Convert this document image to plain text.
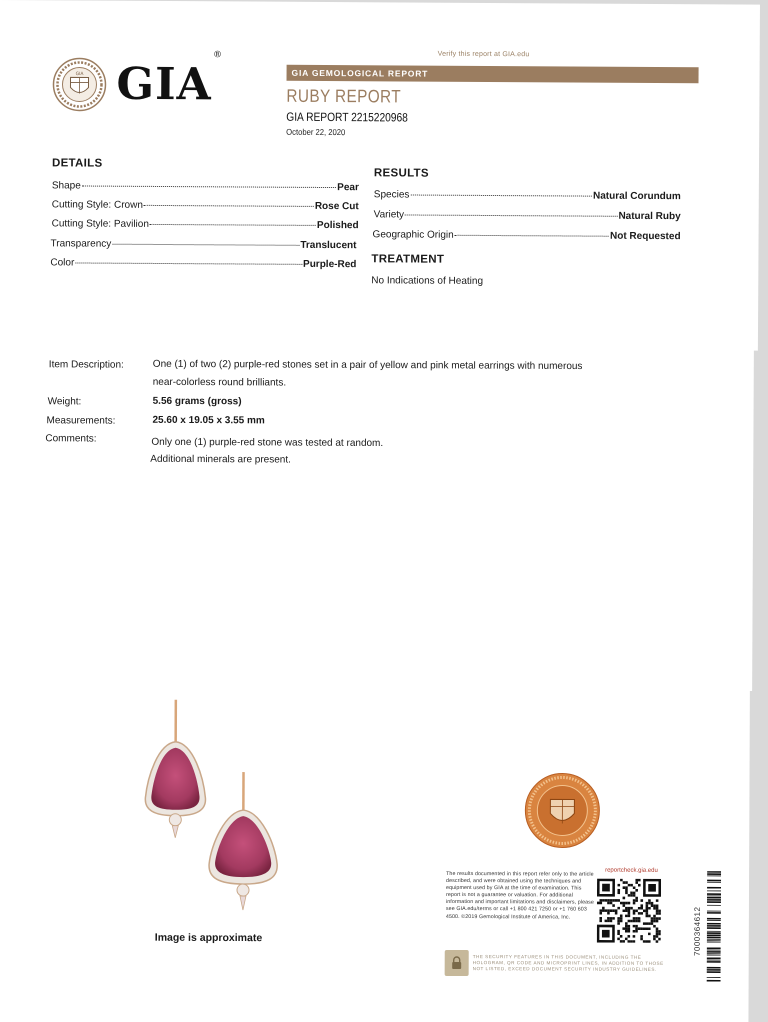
GIA GIA®	Verify this report at GIA.edu
GIA GEMOLOGICAL REPORT
RUBY REPORT
GIA REPORT 2215220968
October 22, 2020
DETAILS
Shape	Pear
Cutting Style: Crown	Rose Cut
Cutting Style: Pavilion	Polished
Transparency	Translucent
Color	Purple-Red
RESULTS
Species	Natural Corundum
Variety	Natural Ruby
Geographic Origin	Not Requested
TREATMENT
No Indications of Heating
Item Description:	One (1) of two (2) purple-red stones set in a pair of yellow and pink metal earrings with numerous
near-colorless round brilliants.
Weight:	5.56 grams (gross)
Measurements:	25.60 x 19.05 x 3.55 mm
Comments:	Only one (1) purple-red stone was tested at random.
Additional minerals are present.
Image is approximate
The results documented in this report refer only to the article described, and were obtained using the techniques and equipment used by GIA at the time of examination. This report is not a guarantee or valuation. For additional information and important limitations and disclaimers, please see GIA.edu/terms or call +1 800 421 7250 or +1 760 603 4500. ©2019 Gemological Institute of America, Inc.
reportcheck.gia.edu
THE SECURITY FEATURES IN THIS DOCUMENT, INCLUDING THE HOLOGRAM, QR CODE AND MICROPRINT LINES, IN ADDITION TO THOSE NOT LISTED, EXCEED DOCUMENT SECURITY INDUSTRY GUIDELINES.
7000364612
